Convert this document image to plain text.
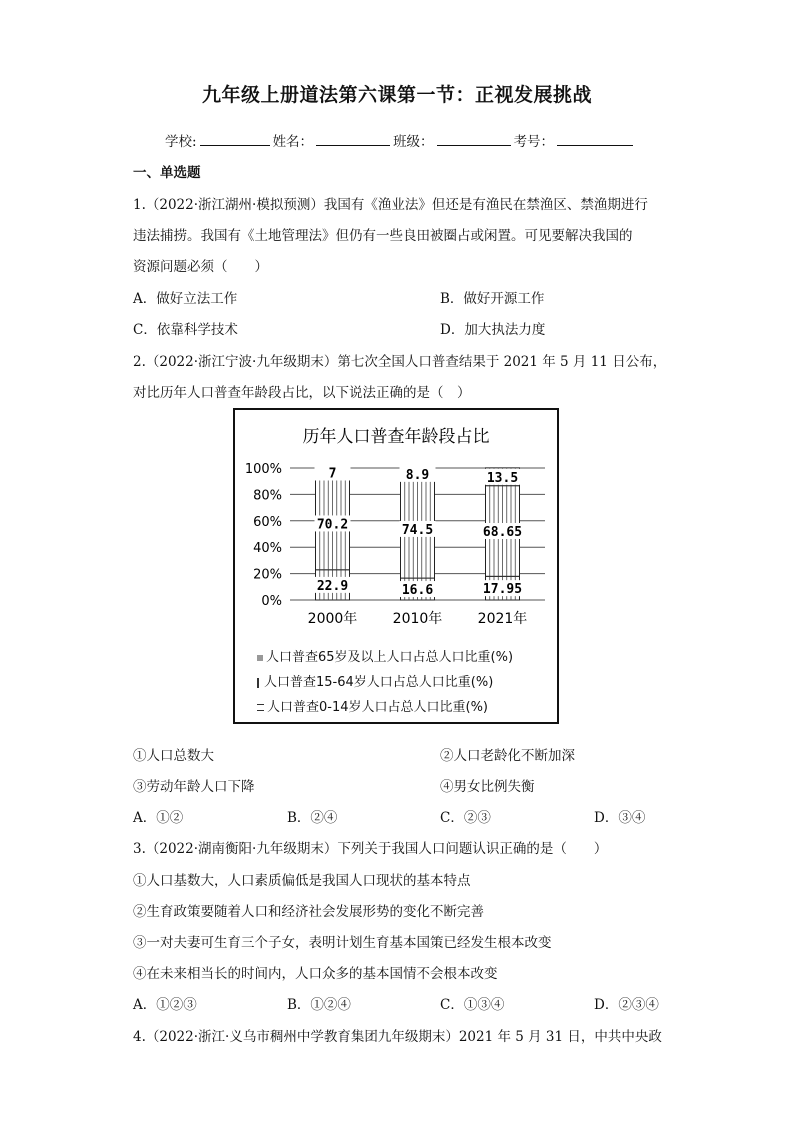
九年级上册道法第六课第一节：正视发展挑战
学校:	姓名：	班级：	考号：
一、单选题
1.（2022·浙江湖州·模拟预测）我国有《渔业法》但还是有渔民在禁渔区、禁渔期进行
违法捕捞。我国有《土地管理法》但仍有一些良田被圈占或闲置。可见要解决我国的
资源问题必须（　　）
A．做好立法工作	B．做好开源工作
C．依靠科学技术	D．加大执法力度
2.（2022·浙江宁波·九年级期末）第七次全国人口普查结果于 2021 年 5 月 11 日公布，
对比历年人口普查年龄段占比，以下说法正确的是（　）
历年人口普查年龄段占比
0%
20%
40%
60%
80%
100%
22.9
70.2
7
16.6
74.5
8.9
17.95
68.65
13.5
2000年	2010年	2021年
人口普查65岁及以上人口占总人口比重(%)
人口普查15-64岁人口占总人口比重(%)
人口普查0-14岁人口占总人口比重(%)
①人口总数大	②人口老龄化不断加深
③劳动年龄人口下降	④男女比例失衡
A．①②	B．②④	C．②③	D．③④
3.（2022·湖南衡阳·九年级期末）下列关于我国人口问题认识正确的是（　　）
①人口基数大，人口素质偏低是我国人口现状的基本特点
②生育政策要随着人口和经济社会发展形势的变化不断完善
③一对夫妻可生育三个子女，表明计划生育基本国策已经发生根本改变
④在未来相当长的时间内，人口众多的基本国情不会根本改变
A．①②③	B．①②④	C．①③④	D．②③④
4.（2022·浙江·义乌市稠州中学教育集团九年级期末）2021 年 5 月 31 日，中共中央政
